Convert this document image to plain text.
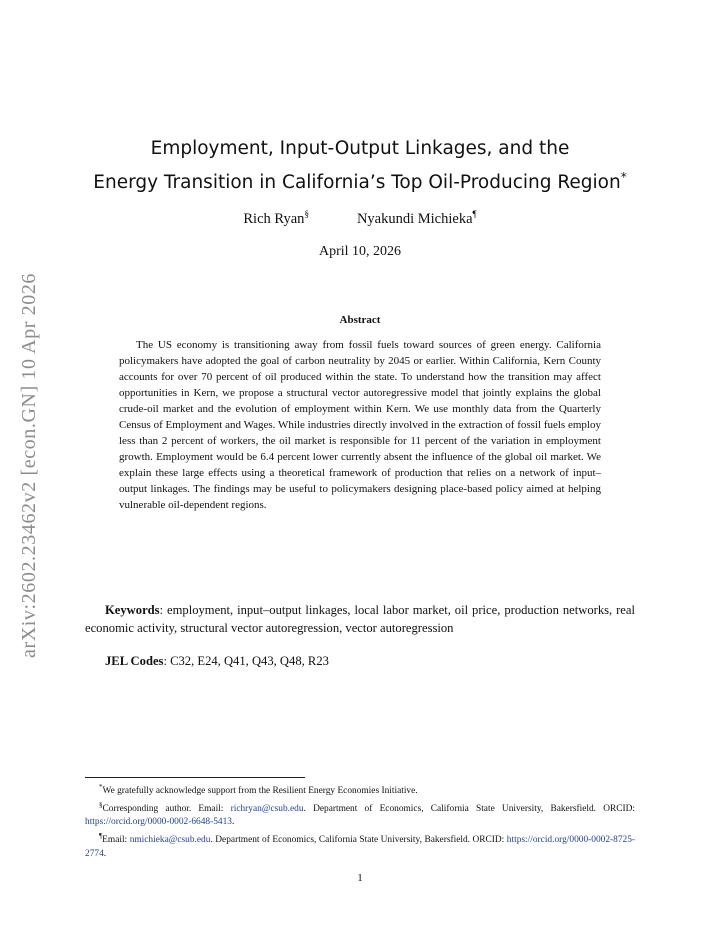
arXiv:2602.23462v2 [econ.GN] 10 Apr 2026
Employment, Input-Output Linkages, and the
Energy Transition in California’s Top Oil-Producing Region*
Rich Ryan§	Nyakundi Michieka¶
April 10, 2026
Abstract

The US economy is transitioning away from fossil fuels toward sources of green energy. California policymakers have adopted the goal of carbon neutrality by 2045 or earlier. Within California, Kern County accounts for over 70 percent of oil produced within the state. To understand how the transition may affect opportunities in Kern, we propose a structural vector autoregressive model that jointly explains the global crude-oil market and the evolution of employment within Kern. We use monthly data from the Quarterly Census of Employment and Wages. While industries directly involved in the extraction of fossil fuels employ less than 2 percent of workers, the oil market is responsible for 11 percent of the variation in employment growth. Employment would be 6.4 percent lower currently absent the influence of the global oil market. We explain these large effects using a theoretical framework of production that relies on a network of input–output linkages. The findings may be useful to policymakers designing place-based policy aimed at helping vulnerable oil-dependent regions.

Keywords: employment, input–output linkages, local labor market, oil price, production networks, real economic activity, structural vector autoregression, vector autoregression

JEL Codes: C32, E24, Q41, Q43, Q48, R23

*We gratefully acknowledge support from the Resilient Energy Economies Initiative.

§Corresponding author. Email: richryan@csub.edu. Department of Economics, California State University, Bakersfield. ORCID: https://orcid.org/0000-0002-6648-5413.

¶Email: nmichieka@csub.edu. Department of Economics, California State University, Bakersfield. ORCID: https://orcid.org/0000-0002-8725-2774.

1
